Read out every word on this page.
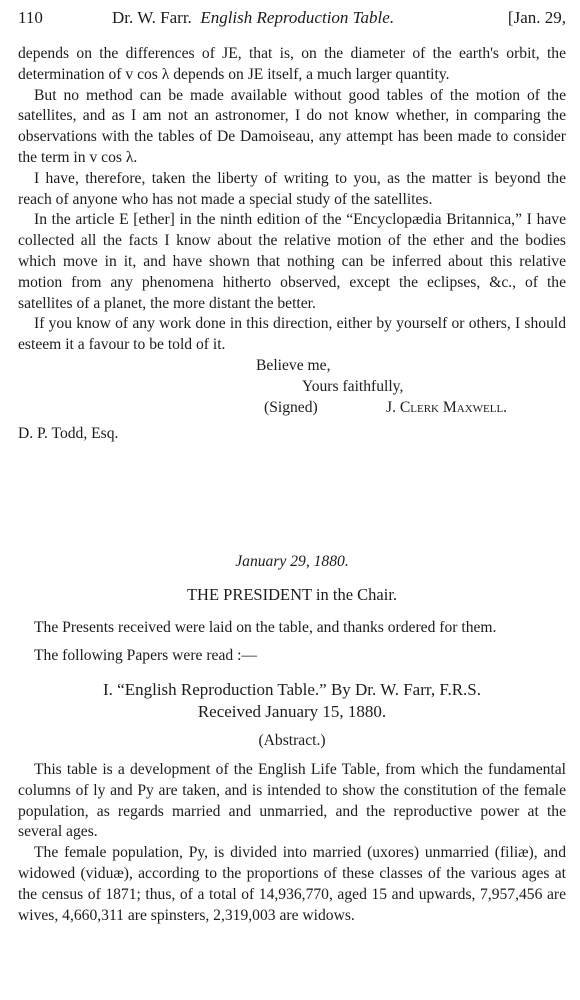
110	Dr. W. Farr. English Reproduction Table.	[Jan. 29,

depends on the differences of JE, that is, on the diameter of the earth's orbit, the determination of v cos λ depends on JE itself, a much larger quantity.

But no method can be made available without good tables of the motion of the satellites, and as I am not an astronomer, I do not know whether, in comparing the observations with the tables of De Damoiseau, any attempt has been made to consider the term in v cos λ.

I have, therefore, taken the liberty of writing to you, as the matter is beyond the reach of anyone who has not made a special study of the satellites.

In the article E [ether] in the ninth edition of the “Encyclopædia Britannica,” I have collected all the facts I know about the relative motion of the ether and the bodies which move in it, and have shown that nothing can be inferred about this relative motion from any phenomena hitherto observed, except the eclipses, &c., of the satellites of a planet, the more distant the better.

If you know of any work done in this direction, either by yourself or others, I should esteem it a favour to be told of it.

Believe me,
Yours faithfully,
(Signed)	J. Clerk Maxwell.
D. P. Todd, Esq.

January 29, 1880.

THE PRESIDENT in the Chair.

The Presents received were laid on the table, and thanks ordered for them.

The following Papers were read :—

I. “English Reproduction Table.” By Dr. W. Farr, F.R.S.

Received January 15, 1880.

(Abstract.)

This table is a development of the English Life Table, from which the fundamental columns of ly and Py are taken, and is intended to show the constitution of the female population, as regards married and unmarried, and the reproductive power at the several ages.

The female population, Py, is divided into married (uxores) unmarried (filiæ), and widowed (viduæ), according to the proportions of these classes of the various ages at the census of 1871; thus, of a total of 14,936,770, aged 15 and upwards, 7,957,456 are wives, 4,660,311 are spinsters, 2,319,003 are widows.
